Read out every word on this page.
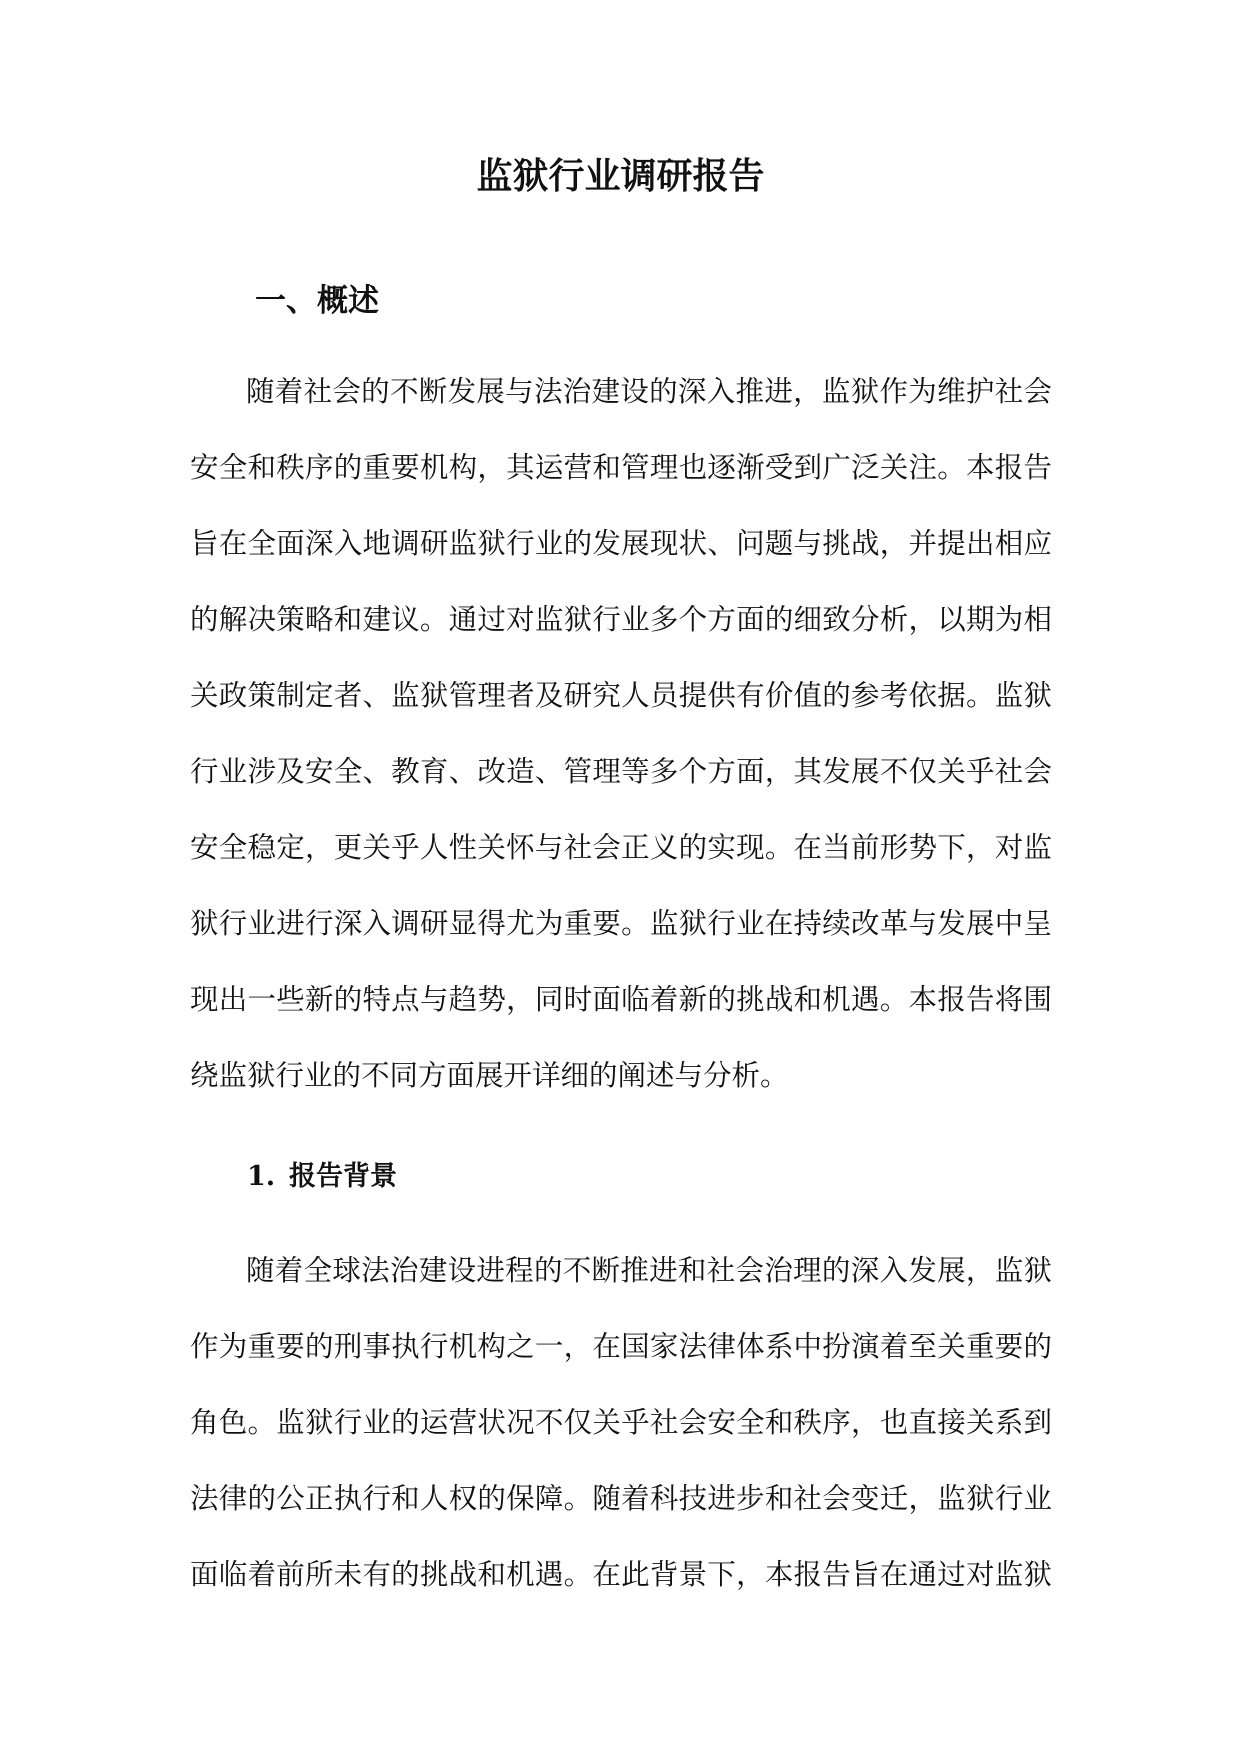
监狱行业调研报告
一、概述
随着社会的不断发展与法治建设的深入推进，监狱作为维护社会
安全和秩序的重要机构，其运营和管理也逐渐受到广泛关注。本报告
旨在全面深入地调研监狱行业的发展现状、问题与挑战，并提出相应
的解决策略和建议。通过对监狱行业多个方面的细致分析，以期为相
关政策制定者、监狱管理者及研究人员提供有价值的参考依据。监狱
行业涉及安全、教育、改造、管理等多个方面，其发展不仅关乎社会
安全稳定，更关乎人性关怀与社会正义的实现。在当前形势下，对监
狱行业进行深入调研显得尤为重要。监狱行业在持续改革与发展中呈
现出一些新的特点与趋势，同时面临着新的挑战和机遇。本报告将围
绕监狱行业的不同方面展开详细的阐述与分析。
1. 报告背景
随着全球法治建设进程的不断推进和社会治理的深入发展，监狱
作为重要的刑事执行机构之一，在国家法律体系中扮演着至关重要的
角色。监狱行业的运营状况不仅关乎社会安全和秩序，也直接关系到
法律的公正执行和人权的保障。随着科技进步和社会变迁，监狱行业
面临着前所未有的挑战和机遇。在此背景下，本报告旨在通过对监狱
